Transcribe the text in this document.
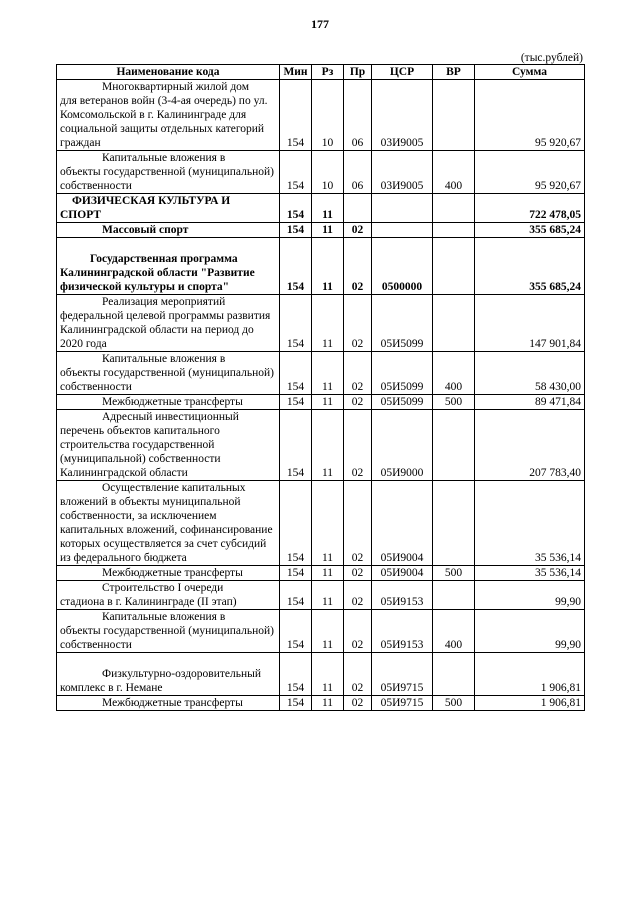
177
(тыс.рублей)
Наименование кода	Мин	Рз	Пр	ЦСР	ВР	Сумма

Многоквартирный жилой дом
для ветеранов войн (3-4-ая очередь) по ул. Комсомольской в г. Калининграде для социальной защиты отдельных категорий граждан	154	10	06	03И9005		95 920,67

Капитальные вложения в
объекты государственной (муниципальной) собственности	154	10	06	03И9005	400	95 920,67

ФИЗИЧЕСКАЯ КУЛЬТУРА И
СПОРТ	154	11				722 478,05

Массовый спорт	154	11	02			355 685,24

Государственная программа
Калининградской области "Развитие физической культуры и спорта"	154	11	02	0500000		355 685,24

Реализация мероприятий
федеральной целевой программы развития Калининградской области на период до 2020 года	154	11	02	05И5099		147 901,84

Капитальные вложения в
объекты государственной (муниципальной) собственности	154	11	02	05И5099	400	58 430,00

Межбюджетные трансферты	154	11	02	05И5099	500	89 471,84

Адресный инвестиционный
перечень объектов капитального строительства государственной (муниципальной) собственности Калининградской области	154	11	02	05И9000		207 783,40

Осуществление капитальных
вложений в объекты муниципальной собственности, за исключением капитальных вложений, софинансирование которых осуществляется за счет субсидий из федерального бюджета	154	11	02	05И9004		35 536,14

Межбюджетные трансферты	154	11	02	05И9004	500	35 536,14

Строительство I очереди
стадиона в г. Калининграде (II этап)	154	11	02	05И9153		99,90

Капитальные вложения в
объекты государственной (муниципальной) собственности	154	11	02	05И9153	400	99,90

Физкультурно-оздоровительный
комплекс в г. Немане	154	11	02	05И9715		1 906,81

Межбюджетные трансферты	154	11	02	05И9715	500	1 906,81
